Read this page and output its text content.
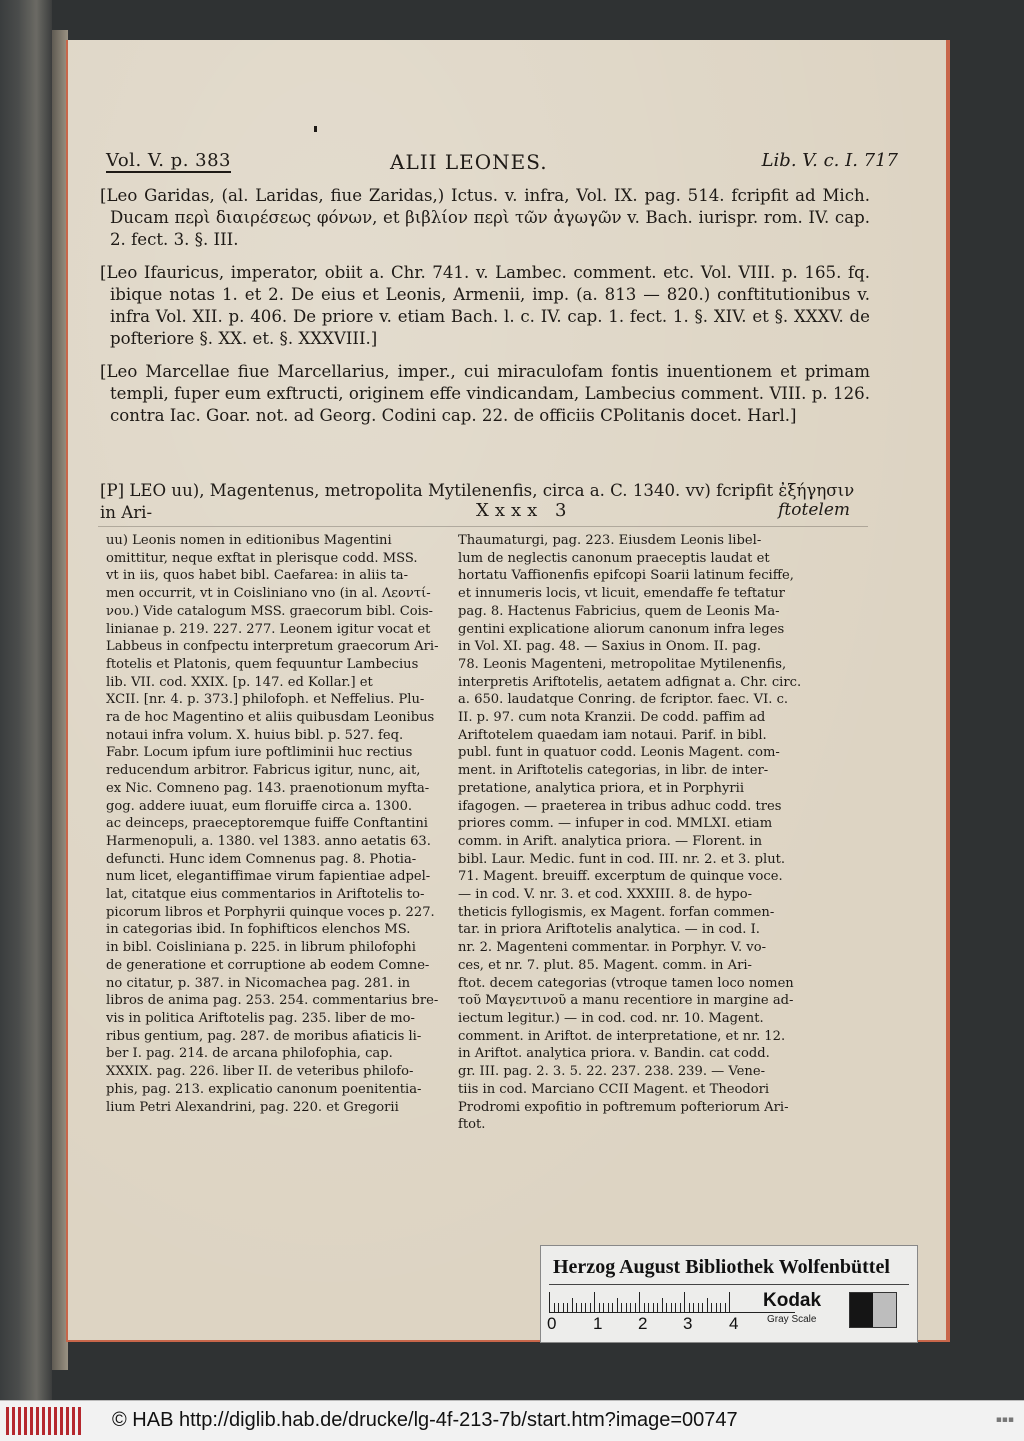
Vol. V. p. 383	ALII LEONES.	Lib. V. c. I. 717

[Leo Garidas, (al. Laridas, fiue Zaridas,) Ictus. v. infra, Vol. IX. pag. 514. fcripfit ad Mich. Ducam περὶ διαιρέσεως φόνων, et βιβλίον περὶ τῶν ἀγωγῶν v. Bach. iurispr. rom. IV. cap. 2. fect. 3. §. III.

[Leo Ifauricus, imperator, obiit a. Chr. 741. v. Lambec. comment. etc. Vol. VIII. p. 165. fq. ibique notas 1. et 2. De eius et Leonis, Armenii, imp. (a. 813 — 820.) conftitutionibus v. infra Vol. XII. p. 406. De priore v. etiam Bach. l. c. IV. cap. 1. fect. 1. §. XIV. et §. XXXV. de pofteriore §. XX. et. §. XXXVIII.]

[Leo Marcellae fiue Marcellarius, imper., cui miraculofam fontis inuentionem et primam templi, fuper eum exftructi, originem effe vindicandam, Lambecius comment. VIII. p. 126. contra Iac. Goar. not. ad Georg. Codini cap. 22. de officiis CPolitanis docet. Harl.]

[P] LEO uu), Magentenus, metropolita Mytilenenfis, circa a. C. 1340. vv) fcripfit ἐξήγησιν in Ari-	Xxxx 3	ftotelem
uu) Leonis nomen in editionibus Magentini
omittitur, neque exftat in plerisque codd. MSS.
vt in iis, quos habet bibl. Caefarea: in aliis ta-
men occurrit, vt in Coisliniano vno (in al. Λεοντί-
νου.) Vide catalogum MSS. graecorum bibl. Cois-
linianae p. 219. 227. 277. Leonem igitur vocat et
Labbeus in confpectu interpretum graecorum Ari-
ftotelis et Platonis, quem fequuntur Lambecius
lib. VII. cod. XXIX. [p. 147. ed Kollar.] et
XCII. [nr. 4. p. 373.] philofoph. et Neffelius. Plu-
ra de hoc Magentino et aliis quibusdam Leonibus
notaui infra volum. X. huius bibl. p. 527. feq.
Fabr. Locum ipfum iure poftliminii huc rectius
reducendum arbitror. Fabricus igitur, nunc, ait,
ex Nic. Comneno pag. 143. praenotionum myfta-
gog. addere iuuat, eum floruiffe circa a. 1300.
ac deinceps, praeceptoremque fuiffe Conftantini
Harmenopuli, a. 1380. vel 1383. anno aetatis 63.
defuncti. Hunc idem Comnenus pag. 8. Photia-
num licet, elegantiffimae virum fapientiae adpel-
lat, citatque eius commentarios in Ariftotelis to-
picorum libros et Porphyrii quinque voces p. 227.
in categorias ibid. In fophifticos elenchos MS.
in bibl. Coisliniana p. 225. in librum philofophi
de generatione et corruptione ab eodem Comne-
no citatur, p. 387. in Nicomachea pag. 281. in
libros de anima pag. 253. 254. commentarius bre-
vis in politica Ariftotelis pag. 235. liber de mo-
ribus gentium, pag. 287. de moribus afiaticis li-
ber I. pag. 214. de arcana philofophia, cap.
XXXIX. pag. 226. liber II. de veteribus philofo-
phis, pag. 213. explicatio canonum poenitentia-
lium Petri Alexandrini, pag. 220. et Gregorii
Thaumaturgi, pag. 223. Eiusdem Leonis libel-
lum de neglectis canonum praeceptis laudat et
hortatu Vaffionenfis epifcopi Soarii latinum feciffe,
et innumeris locis, vt licuit, emendaffe fe teftatur
pag. 8. Hactenus Fabricius, quem de Leonis Ma-
gentini explicatione aliorum canonum infra leges
in Vol. XI. pag. 48. — Saxius in Onom. II. pag.
78. Leonis Magenteni, metropolitae Mytilenenfis,
interpretis Ariftotelis, aetatem adfignat a. Chr. circ.
a. 650. laudatque Conring. de fcriptor. faec. VI. c.
II. p. 97. cum nota Kranzii. De codd. paffim ad
Ariftotelem quaedam iam notaui. Parif. in bibl.
publ. funt in quatuor codd. Leonis Magent. com-
ment. in Ariftotelis categorias, in libr. de inter-
pretatione, analytica priora, et in Porphyrii
ifagogen. — praeterea in tribus adhuc codd. tres
priores comm. — infuper in cod. MMLXI. etiam
comm. in Arift. analytica priora. — Florent. in
bibl. Laur. Medic. funt in cod. III. nr. 2. et 3. plut.
71. Magent. breuiff. excerptum de quinque voce.
— in cod. V. nr. 3. et cod. XXXIII. 8. de hypo-
theticis fyllogismis, ex Magent. forfan commen-
tar. in priora Ariftotelis analytica. — in cod. I.
nr. 2. Magenteni commentar. in Porphyr. V. vo-
ces, et nr. 7. plut. 85. Magent. comm. in Ari-
ftot. decem categorias (vtroque tamen loco nomen
τοῦ Μαγεντινοῦ a manu recentiore in margine ad-
iectum legitur.) — in cod. cod. nr. 10. Magent.
comment. in Ariftot. de interpretatione, et nr. 12.
in Ariftot. analytica priora. v. Bandin. cat codd.
gr. III. pag. 2. 3. 5. 22. 237. 238. 239. — Vene-
tiis in cod. Marciano CCII Magent. et Theodori
Prodromi expofitio in poftremum pofteriorum Ari-
ftot.
Herzog August Bibliothek Wolfenbüttel
0 1 2 3 4
Kodak
Gray Scale
© HAB http://diglib.hab.de/drucke/lg-4f-213-7b/start.htm?image=00747	▪▪▪
